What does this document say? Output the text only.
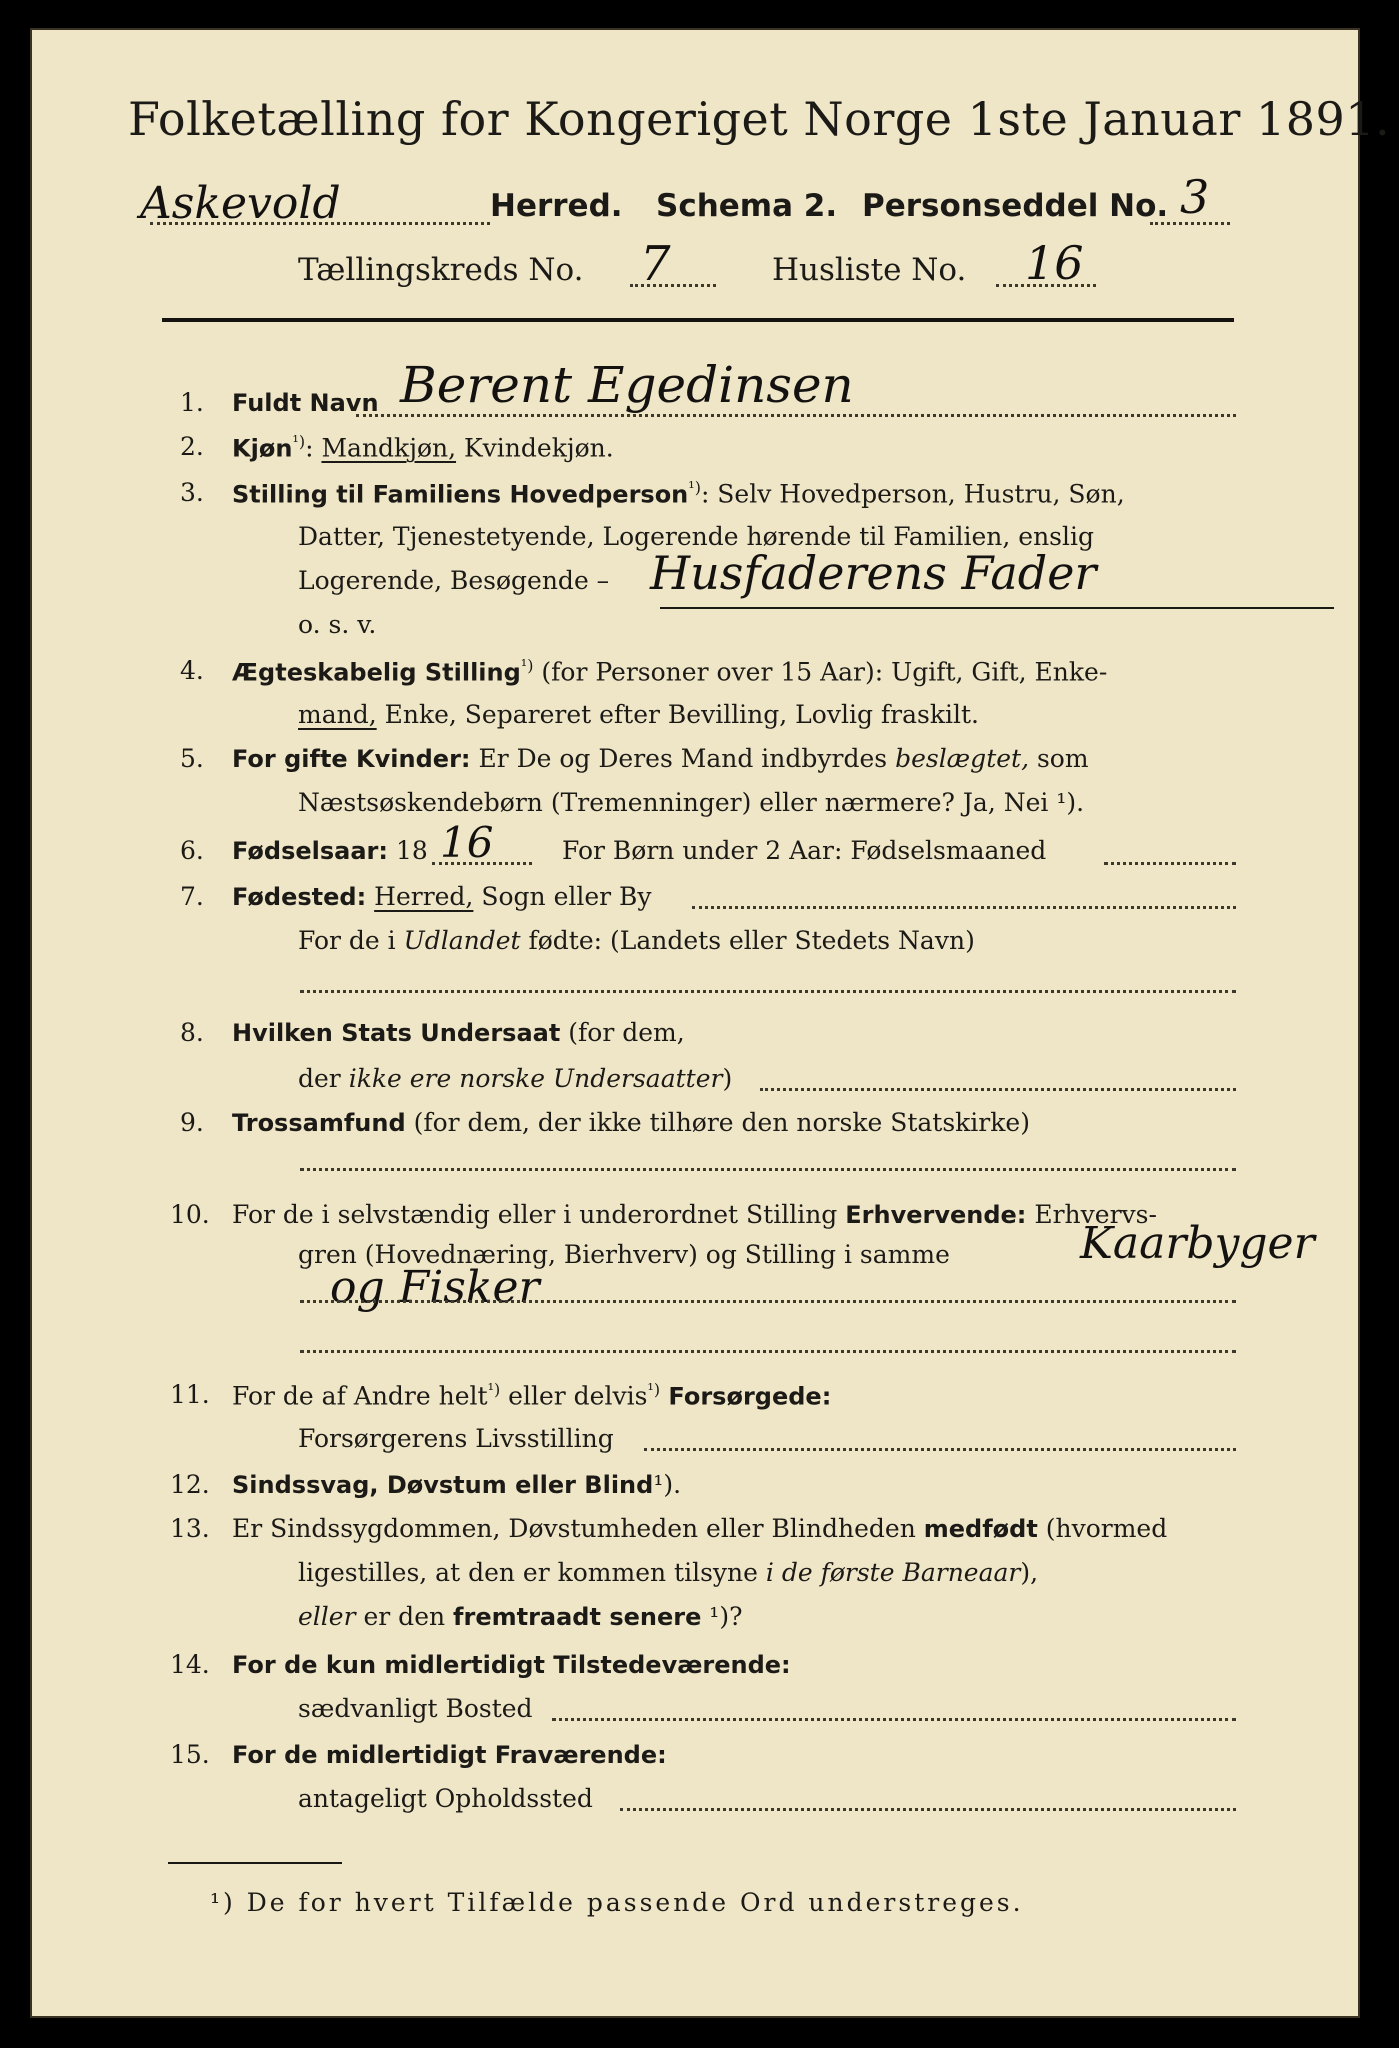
Folketælling for Kongeriget Norge 1ste Januar 1891.
Askevold	Herred. Schema 2. Personseddel No. 3
Tællingskreds No. 7	Husliste No. 16
1. Fuldt Navn Berent Egedinsen
2. Kjøn$^{^1)}$: Mandkjøn, Kvindekjøn.
3. Stilling til Familiens Hovedperson$^{^1)}$: Selv Hovedperson, Hustru, Søn,
Datter, Tjenestetyende, Logerende hørende til Familien, enslig
Logerende, Besøgende – Husfaderens Fader
o. s. v.
4. Ægteskabelig Stilling$^{^1)}$ (for Personer over 15 Aar): Ugift, Gift, Enke-
mand, Enke, Separeret efter Bevilling, Lovlig fraskilt.
5. For gifte Kvinder: Er De og Deres Mand indbyrdes beslægtet, som
Næstsøskendebørn (Tremenninger) eller nærmere? Ja, Nei ¹).
6. Fødselsaar: 18 16	For Børn under 2 Aar: Fødselsmaaned
7. Fødested: Herred, Sogn eller By
For de i Udlandet fødte: (Landets eller Stedets Navn)
8. Hvilken Stats Undersaat (for dem,
der ikke ere norske Undersaatter)
9. Trossamfund (for dem, der ikke tilhøre den norske Statskirke)
10. For de i selvstændig eller i underordnet Stilling Erhvervende: Erhvervs-
gren (Hovednæring, Bierhverv) og Stilling i samme	Kaarbyger
og Fisker
11. For de af Andre helt$^{^1)}$ eller delvis$^{^1)}$ Forsørgede:
Forsørgerens Livsstilling
12. Sindssvag, Døvstum eller Blind¹).
13. Er Sindssygdommen, Døvstumheden eller Blindheden medfødt (hvormed
ligestilles, at den er kommen tilsyne i de første Barneaar),
eller er den fremtraadt senere ¹)?
14. For de kun midlertidigt Tilstedeværende:
sædvanligt Bosted
15. For de midlertidigt Fraværende:
antageligt Opholdssted
¹) De for hvert Tilfælde passende Ord understreges.
